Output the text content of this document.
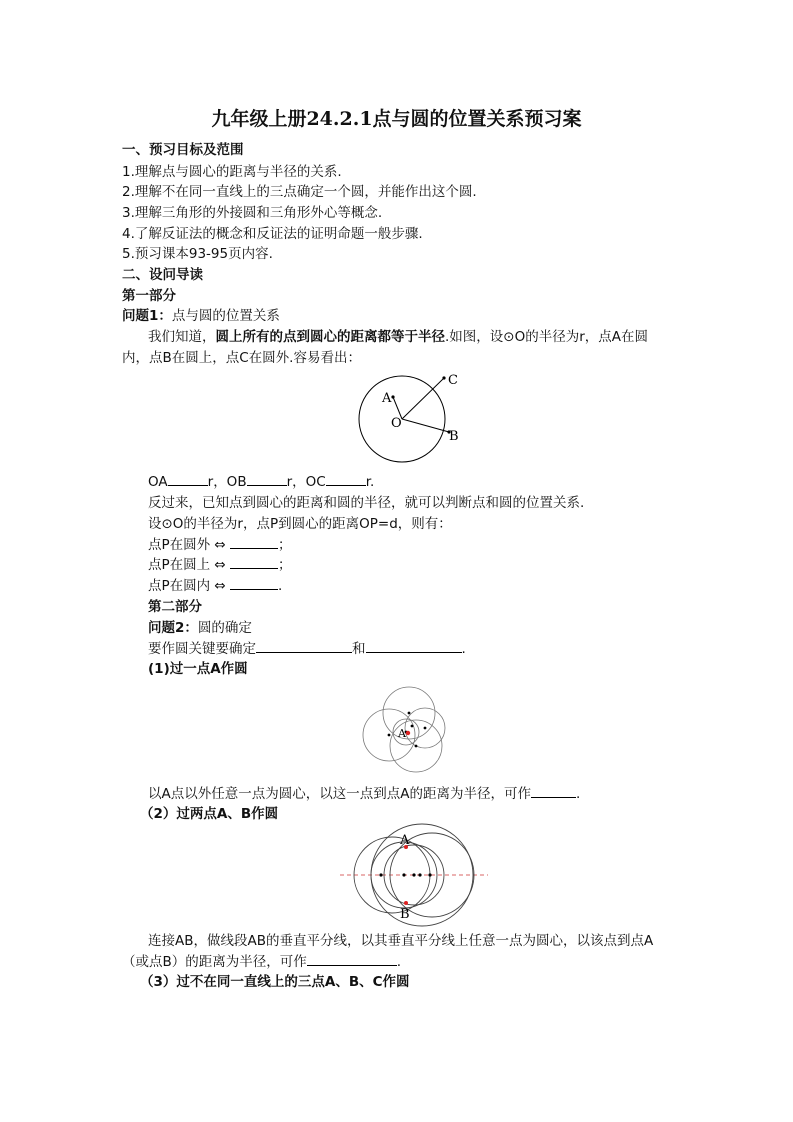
九年级上册24.2.1点与圆的位置关系预习案
一、预习目标及范围
1.理解点与圆心的距离与半径的关系.
2.理解不在同一直线上的三点确定一个圆，并能作出这个圆.
3.理解三角形的外接圆和三角形外心等概念.
4.了解反证法的概念和反证法的证明命题一般步骤.
5.预习课本93-95页内容.
二、设问导读
第一部分
问题1：点与圆的位置关系
我们知道，圆上所有的点到圆心的距离都等于半径.如图，设⊙O的半径为r，点A在圆
内，点B在圆上，点C在圆外.容易看出：
A
O
B
C
OA	r，OB	r，OC	r.
反过来，已知点到圆心的距离和圆的半径，就可以判断点和圆的位置关系.
设⊙O的半径为r，点P到圆心的距离OP=d，则有：
点P在圆外 ⇔	；
点P在圆上 ⇔	；
点P在圆内 ⇔	.
第二部分
问题2：圆的确定
要作圆关键要确定	和	.
(1)过一点A作圆
A
以A点以外任意一点为圆心，以这一点到点A的距离为半径，可作	.
（2）过两点A、B作圆
A
B
连接AB，做线段AB的垂直平分线，以其垂直平分线上任意一点为圆心，以该点到点A
（或点B）的距离为半径，可作	.
（3）过不在同一直线上的三点A、B、C作圆
